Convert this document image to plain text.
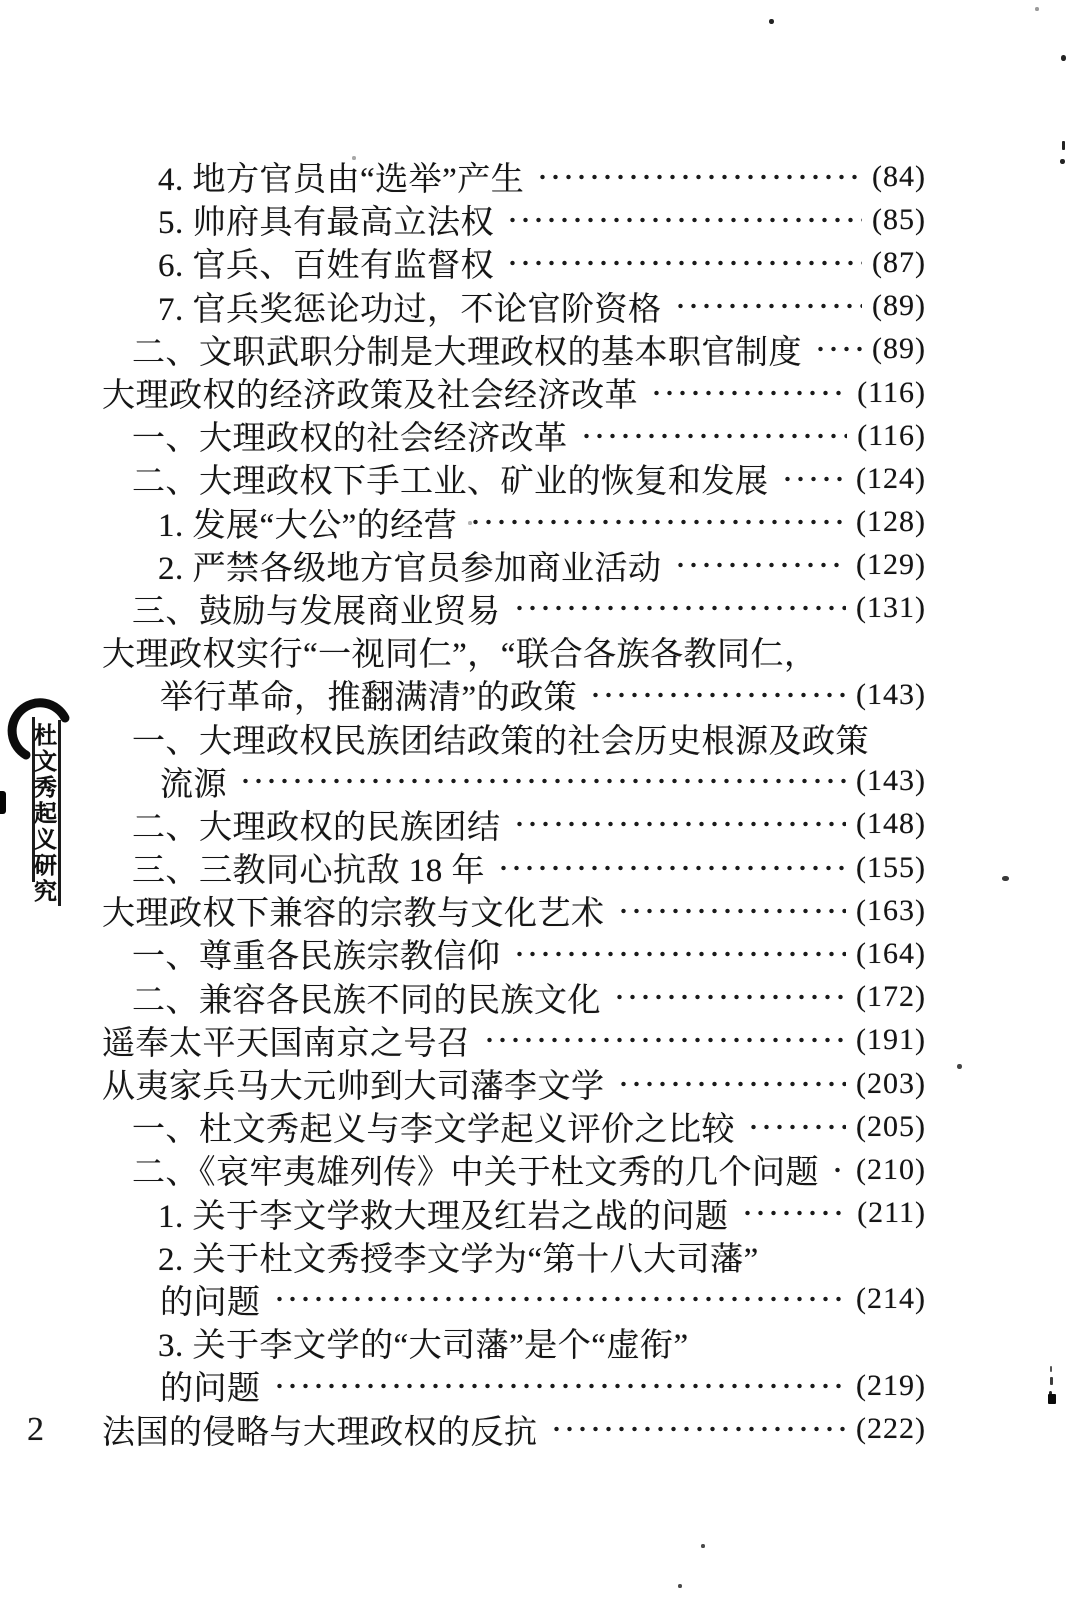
杜文秀起义研究
4. 地方官员由“选举”产生	(84)
5. 帅府具有最高立法权	(85)
6. 官兵、百姓有监督权	(87)
7. 官兵奖惩论功过，不论官阶资格	(89)
二、文职武职分制是大理政权的基本职官制度 (89)
大理政权的经济政策及社会经济改革	(116)
一、大理政权的社会经济改革	(116)
二、大理政权下手工业、矿业的恢复和发展	(124)
1. 发展“大公”的经营	(128)
2. 严禁各级地方官员参加商业活动	(129)
三、鼓励与发展商业贸易	(131)
大理政权实行“一视同仁”，“联合各族各教同仁，
举行革命，推翻满清”的政策	(143)
一、大理政权民族团结政策的社会历史根源及政策
流源	(143)
二、大理政权的民族团结	(148)
三、三教同心抗敌 18 年	(155)
大理政权下兼容的宗教与文化艺术	(163)
一、尊重各民族宗教信仰	(164)
二、兼容各民族不同的民族文化	(172)
遥奉太平天国南京之号召	(191)
从夷家兵马大元帅到大司藩李文学	(203)
一、杜文秀起义与李文学起义评价之比较	(205)
二、《哀牢夷雄列传》中关于杜文秀的几个问题 (210)
1. 关于李文学救大理及红岩之战的问题	(211)
2. 关于杜文秀授李文学为“第十八大司藩”
的问题	(214)
3. 关于李文学的“大司藩”是个“虚衔”
的问题	(219)
法国的侵略与大理政权的反抗	(222)
2
